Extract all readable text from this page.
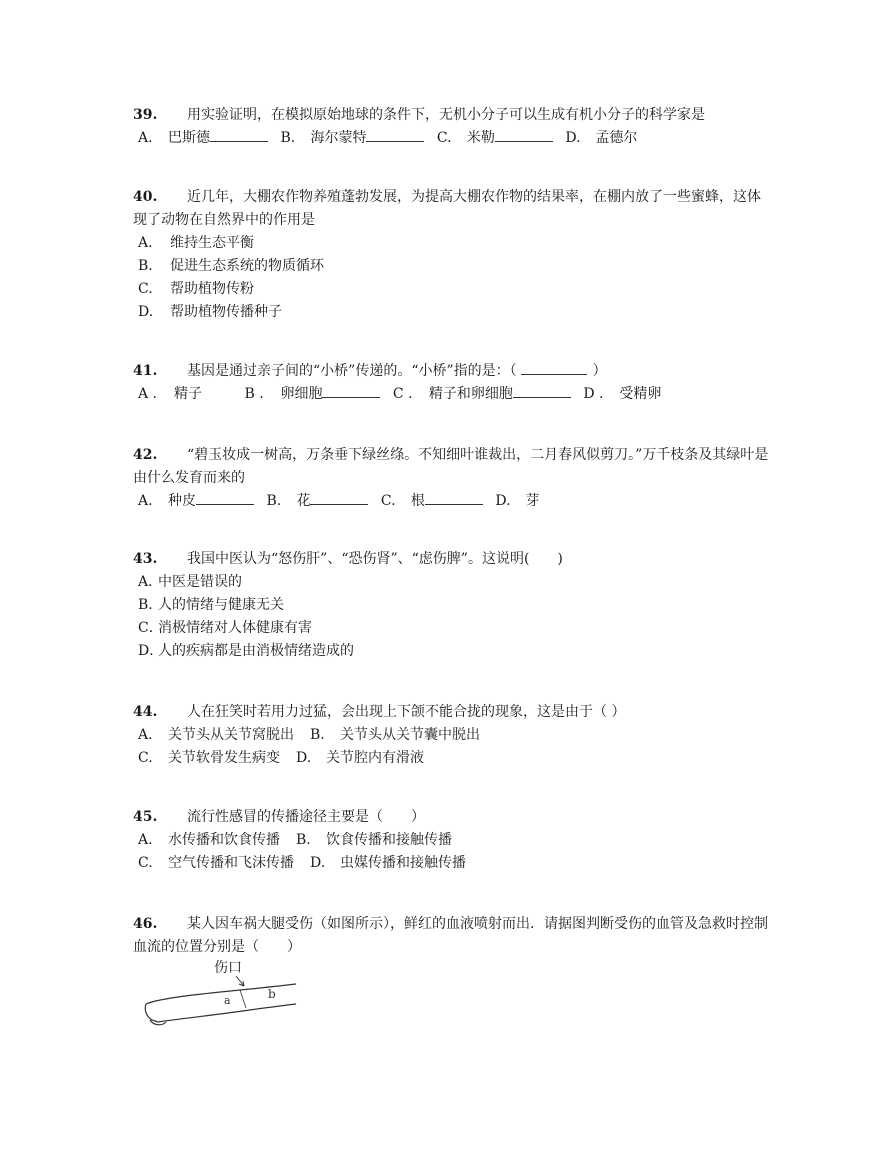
39. 用实验证明，在模拟原始地球的条件下，无机小分子可以生成有机小分子的科学家是
A. 巴斯德	B. 海尔蒙特	C. 米勒	D. 孟德尔
40. 近几年，大棚农作物养殖蓬勃发展，为提高大棚农作物的结果率，在棚内放了一些蜜蜂，这体现了动物在自然界中的作用是
A. 维持生态平衡
B. 促进生态系统的物质循环
C. 帮助植物传粉
D. 帮助植物传播种子
41. 基因是通过亲子间的“小桥”传递的。“小桥”指的是：（	）
A . 精子	B . 卵细胞	C . 精子和卵细胞	D . 受精卵
42. “碧玉妆成一树高，万条垂下绿丝绦。不知细叶谁裁出，二月春风似剪刀。”万千枝条及其绿叶是由什么发育而来的
A. 种皮	B. 花	C. 根	D. 芽
43. 我国中医认为“怒伤肝”、“恐伤肾”、“虑伤脾”。这说明(　　)
A．中医是错误的
B．人的情绪与健康无关
C．消极情绪对人体健康有害
D．人的疾病都是由消极情绪造成的
44. 人在狂笑时若用力过猛，会出现上下颌不能合拢的现象，这是由于（ ）
A. 关节头从关节窝脱出 B. 关节头从关节囊中脱出
C. 关节软骨发生病变 D. 关节腔内有滑液
45. 流行性感冒的传播途径主要是（　　）
A. 水传播和饮食传播 B. 饮食传播和接触传播
C. 空气传播和飞沫传播 D. 虫媒传播和接触传播
46. 某人因车祸大腿受伤（如图所示），鲜红的血液喷射而出．请据图判断受伤的血管及急救时控制血流的位置分别是（　　）
伤口
a	b
